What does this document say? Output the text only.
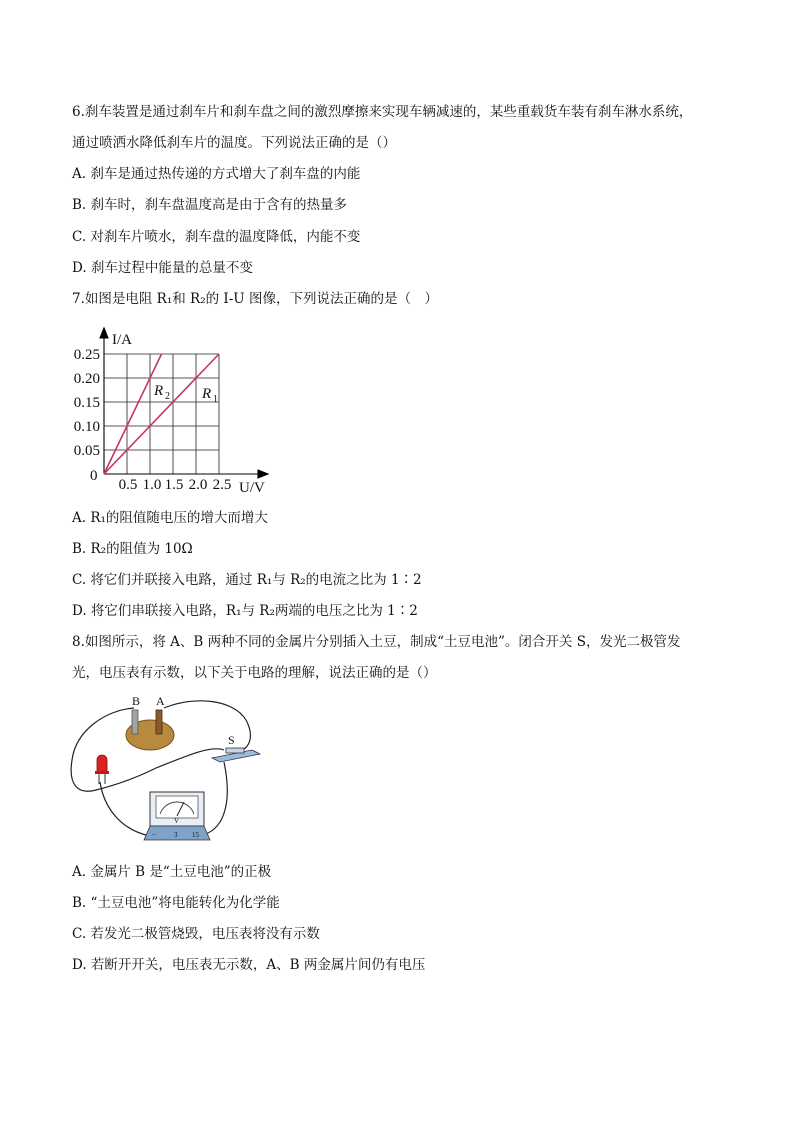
6.刹车装置是通过刹车片和刹车盘之间的激烈摩擦来实现车辆减速的，某些重载货车装有刹车淋水系统，
通过喷洒水降低刹车片的温度。下列说法正确的是（）
A. 刹车是通过热传递的方式增大了刹车盘的内能
B. 刹车时，刹车盘温度高是由于含有的热量多
C. 对刹车片喷水，刹车盘的温度降低，内能不变
D. 刹车过程中能量的总量不变
7.如图是电阻 R₁和 R₂的 I-U 图像，下列说法正确的是（　）
I/A
U/V
0
0.05
0.10
0.15
0.20
0.25
0.5 1.0 1.5 2.0 2.5
R	R
2	1
A. R₁的阻值随电压的增大而增大
B. R₂的阻值为 10Ω
C. 将它们并联接入电路，通过 R₁与 R₂的电流之比为 1∶2
D. 将它们串联接入电路，R₁与 R₂两端的电压之比为 1∶2
8.如图所示，将 A、B 两种不同的金属片分别插入土豆，制成“土豆电池”。闭合开关 S，发光二极管发
光，电压表有示数，以下关于电路的理解，说法正确的是（）
B A
S
V
−	3 15
A. 金属片 B 是“土豆电池”的正极
B. “土豆电池”将电能转化为化学能
C. 若发光二极管烧毁，电压表将没有示数
D. 若断开开关，电压表无示数，A、B 两金属片间仍有电压
